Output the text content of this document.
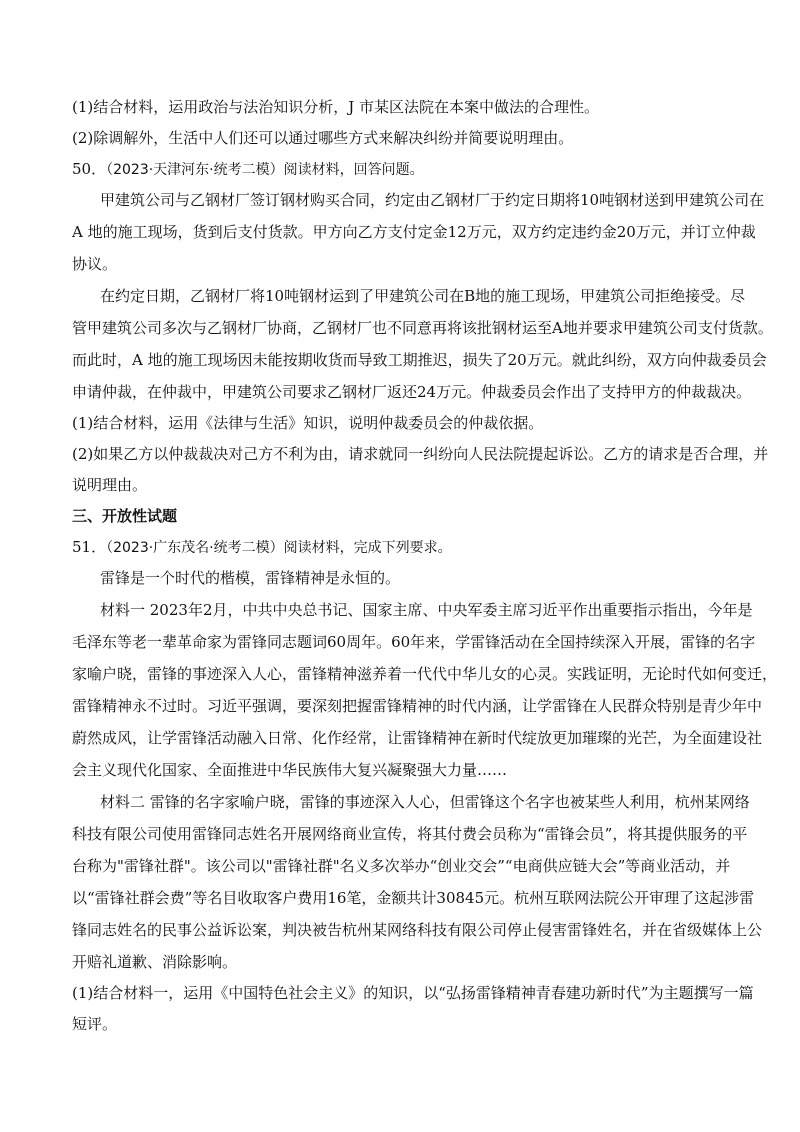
(1)结合材料，运用政治与法治知识分析，J 市某区法院在本案中做法的合理性。
(2)除调解外，生活中人们还可以通过哪些方式来解决纠纷并简要说明理由。
50．（2023·天津河东·统考二模）阅读材料，回答问题。
甲建筑公司与乙钢材厂签订钢材购买合同，约定由乙钢材厂于约定日期将10吨钢材送到甲建筑公司在
A 地的施工现场，货到后支付货款。甲方向乙方支付定金12万元，双方约定违约金20万元，并订立仲裁
协议。
在约定日期，乙钢材厂将10吨钢材运到了甲建筑公司在B地的施工现场，甲建筑公司拒绝接受。尽
管甲建筑公司多次与乙钢材厂协商，乙钢材厂也不同意再将该批钢材运至A地并要求甲建筑公司支付货款。
而此时，A 地的施工现场因未能按期收货而导致工期推迟，损失了20万元。就此纠纷，双方向仲裁委员会
申请仲裁，在仲裁中，甲建筑公司要求乙钢材厂返还24万元。仲裁委员会作出了支持甲方的仲裁裁决。
(1)结合材料，运用《法律与生活》知识，说明仲裁委员会的仲裁依据。
(2)如果乙方以仲裁裁决对己方不利为由，请求就同一纠纷向人民法院提起诉讼。乙方的请求是否合理，并
说明理由。
三、开放性试题
51．（2023·广东茂名·统考二模）阅读材料，完成下列要求。
雷锋是一个时代的楷模，雷锋精神是永恒的。
材料一 2023年2月，中共中央总书记、国家主席、中央军委主席习近平作出重要指示指出，今年是
毛泽东等老一辈革命家为雷锋同志题词60周年。60年来，学雷锋活动在全国持续深入开展，雷锋的名字
家喻户晓，雷锋的事迹深入人心，雷锋精神滋养着一代代中华儿女的心灵。实践证明，无论时代如何变迁，
雷锋精神永不过时。习近平强调，要深刻把握雷锋精神的时代内涵，让学雷锋在人民群众特别是青少年中
蔚然成风，让学雷锋活动融入日常、化作经常，让雷锋精神在新时代绽放更加璀璨的光芒，为全面建设社
会主义现代化国家、全面推进中华民族伟大复兴凝聚强大力量……
材料二 雷锋的名字家喻户晓，雷锋的事迹深入人心，但雷锋这个名字也被某些人利用，杭州某网络
科技有限公司使用雷锋同志姓名开展网络商业宣传，将其付费会员称为“雷锋会员”，将其提供服务的平
台称为"雷锋社群"。该公司以"雷锋社群"名义多次举办“创业交会”“电商供应链大会”等商业活动，并
以“雷锋社群会费”等名目收取客户费用16笔，金额共计30845元。杭州互联网法院公开审理了这起涉雷
锋同志姓名的民事公益诉讼案，判决被告杭州某网络科技有限公司停止侵害雷锋姓名，并在省级媒体上公
开赔礼道歉、消除影响。
(1)结合材料一，运用《中国特色社会主义》的知识，以“弘扬雷锋精神青春建功新时代”为主题撰写一篇
短评。
